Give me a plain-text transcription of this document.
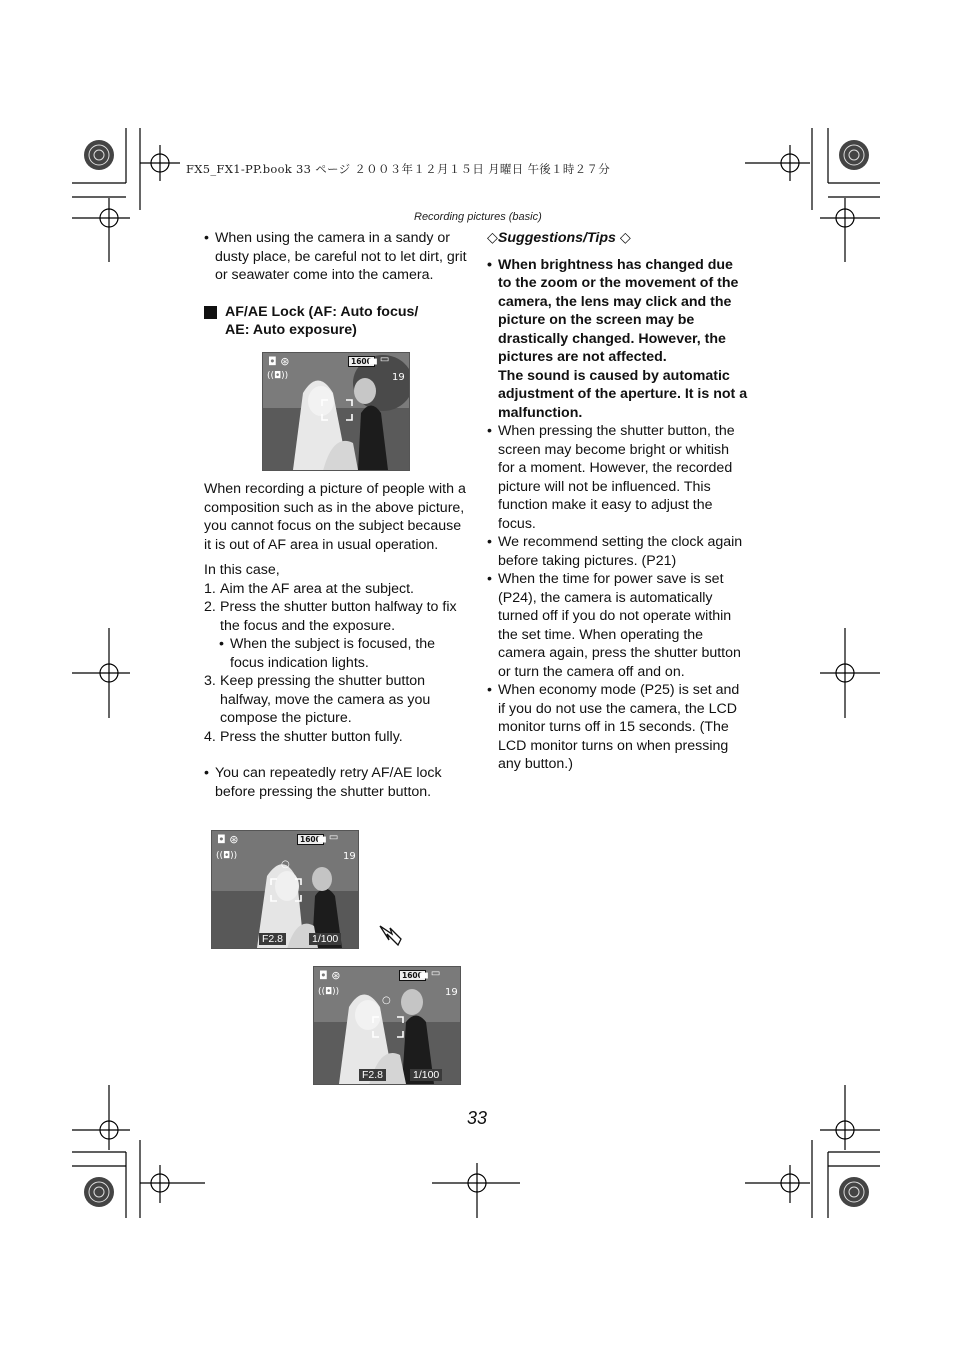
FX5_FX1-PP.book 33 ページ ２００３年１２月１５日 月曜日 午後１時２７分
Recording pictures (basic)
• When using the camera in a sandy or dusty place, be careful not to let dirt, grit or seawater come into the camera.
AF/AE Lock (AF: Auto focus/
AE: Auto exposure)
◘ ⊛	1600
▄ ▭
((◘))	19
When recording a picture of people with a composition such as in the above picture, you cannot focus on the subject because it is out of AF area in usual operation.
In this case,
1. Aim the AF area at the subject.
2. Press the shutter button halfway to fix the focus and the exposure.
• When the subject is focused, the focus indication lights.
3. Keep pressing the shutter button halfway, move the camera as you compose the picture.
4. Press the shutter button fully.
• You can repeatedly retry AF/AE lock before pressing the shutter button.
◘ ⊛	1600
▄ ▭
((◘))	19
○
F2.8	1/100
◘ ⊛	1600
▄ ▭
((◘))	19
○
F2.8	1/100
◇Suggestions/Tips ◇
• When brightness has changed due to the zoom or the movement of the camera, the lens may click and the picture on the screen may be drastically changed. However, the pictures are not affected.
The sound is caused by automatic adjustment of the aperture. It is not a malfunction.
• When pressing the shutter button, the screen may become bright or whitish for a moment. However, the recorded picture will not be influenced. This function make it easy to adjust the focus.
• We recommend setting the clock again before taking pictures. (P21)
• When the time for power save is set (P24), the camera is automatically turned off if you do not operate within the set time. When operating the camera again, press the shutter button or turn the camera off and on.
• When economy mode (P25) is set and if you do not use the camera, the LCD monitor turns off in 15 seconds. (The LCD monitor turns on when pressing any button.)
33
